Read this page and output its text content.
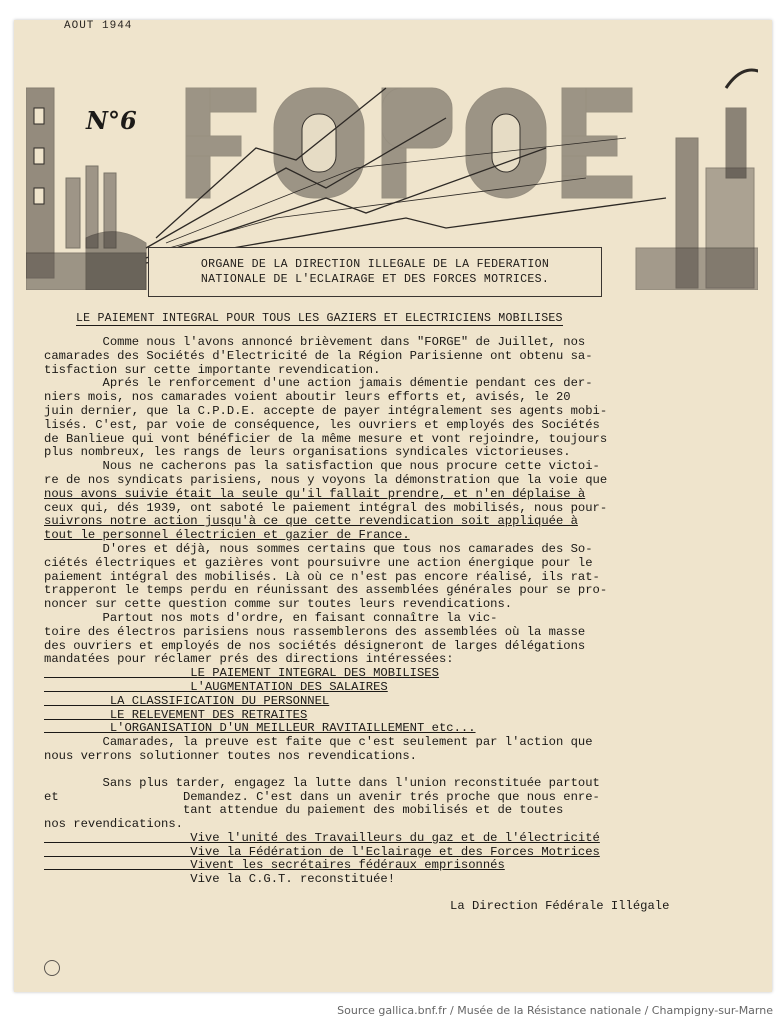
AOUT 1944
N°6
ORGANE DE LA DIRECTION ILLEGALE DE LA FEDERATION
NATIONALE DE L'ECLAIRAGE ET DES FORCES MOTRICES.
LE PAIEMENT INTEGRAL POUR TOUS LES GAZIERS ET ELECTRICIENS MOBILISES
Comme nous l'avons annoncé brièvement dans "FORGE" de Juillet, nos
camarades des Sociétés d'Electricité de la Région Parisienne ont obtenu sa-
tisfaction sur cette importante revendication.
Aprés le renforcement d'une action jamais démentie pendant ces der-
niers mois, nos camarades voient aboutir leurs efforts et, avisés, le 20
juin dernier, que la C.P.D.E. accepte de payer intégralement ses agents mobi-
lisés. C'est, par voie de conséquence, les ouvriers et employés des Sociétés
de Banlieue qui vont bénéficier de la même mesure et vont rejoindre, toujours
plus nombreux, les rangs de leurs organisations syndicales victorieuses.
Nous ne cacherons pas la satisfaction que nous procure cette victoi-
re de nos syndicats parisiens, nous y voyons la démonstration que la voie que
nous avons suivie était la seule qu'il fallait prendre, et n'en déplaise à
ceux qui, dés 1939, ont saboté le paiement intégral des mobilisés, nous pour-
suivrons notre action jusqu'à ce que cette revendication soit appliquée à
tout le personnel électricien et gazier de France.
D'ores et déjà, nous sommes certains que tous nos camarades des So-
ciétés électriques et gazières vont poursuivre une action énergique pour le
paiement intégral des mobilisés. Là où ce n'est pas encore réalisé, ils rat-
trapperont le temps perdu en réunissant des assemblées générales pour se pro-
noncer sur cette question comme sur toutes leurs revendications.
Partout nos mots d'ordre, en faisant connaître la vic-
toire des électros parisiens nous rassemblerons des assemblées où la masse
des ouvriers et employés de nos sociétés désigneront de larges délégations
mandatées pour réclamer prés des directions intéressées:
LE PAIEMENT INTEGRAL DES MOBILISES
L'AUGMENTATION DES SALAIRES
LA CLASSIFICATION DU PERSONNEL
LE RELEVEMENT DES RETRAITES
L'ORGANISATION D'UN MEILLEUR RAVITAILLEMENT etc...
Camarades, la preuve est faite que c'est seulement par l'action que
nous verrons solutionner toutes nos revendications.
Sans plus tarder, engagez la lutte dans l'union reconstituée partout
et                 Demandez. C'est dans un avenir trés proche que nous enre-
tant attendue du paiement des mobilisés et de toutes
nos revendications.
Vive l'unité des Travailleurs du gaz et de l'électricité
Vive la Fédération de l'Eclairage et des Forces Motrices
Vivent les secrétaires fédéraux emprisonnés
Vive la C.G.T. reconstituée!
La Direction Fédérale Illégale
Source gallica.bnf.fr / Musée de la Résistance nationale / Champigny-sur-Marne
